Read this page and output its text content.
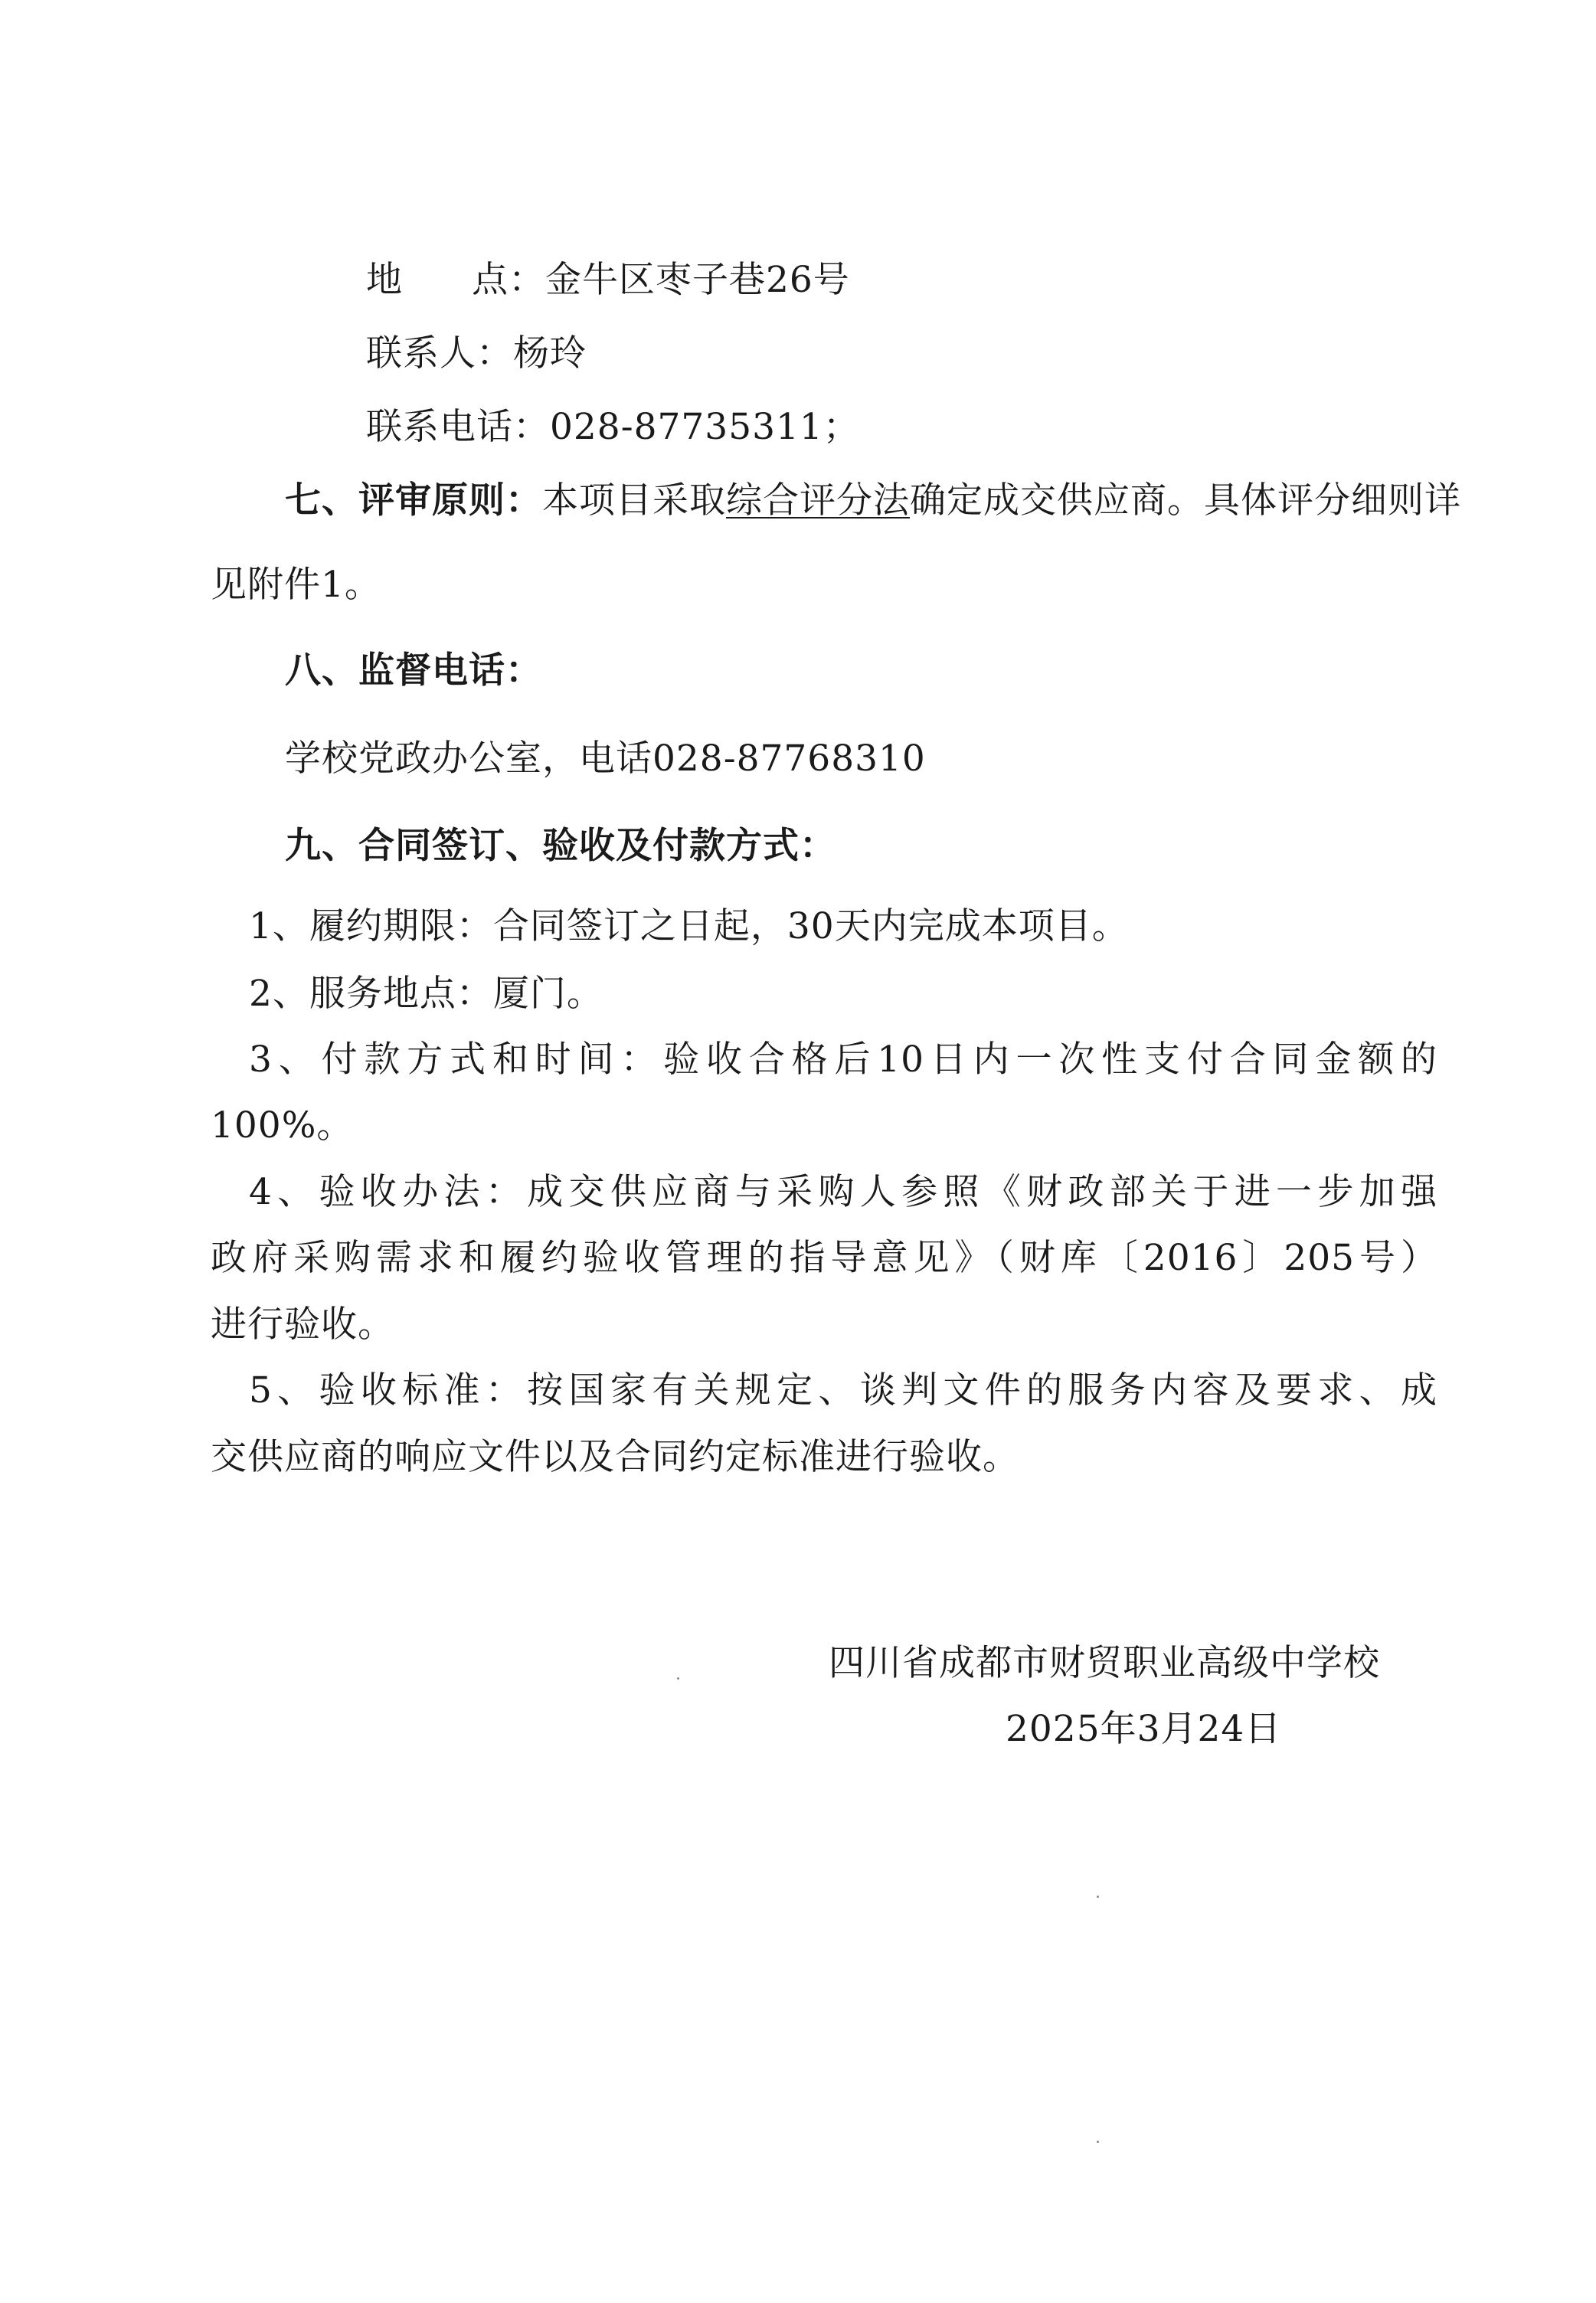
地 点：金牛区枣子巷26号
联系人：杨玲
联系电话：028-87735311；
七、评审原则：本项目采取综合评分法确定成交供应商。具体评分细则详
见附件1。
八、监督电话：
学校党政办公室，电话028-87768310
九、合同签订、验收及付款方式：
1、履约期限：合同签订之日起，30天内完成本项目。
2、服务地点：厦门。
3、付款方式和时间：验收合格后10日内一次性支付合同金额的
100%。
4、验收办法：成交供应商与采购人参照《财政部关于进一步加强
政府采购需求和履约验收管理的指导意见》（财库〔2016〕205号）
进行验收。
5、验收标准：按国家有关规定、谈判文件的服务内容及要求、成
交供应商的响应文件以及合同约定标准进行验收。
四川省成都市财贸职业高级中学校
2025年3月24日
